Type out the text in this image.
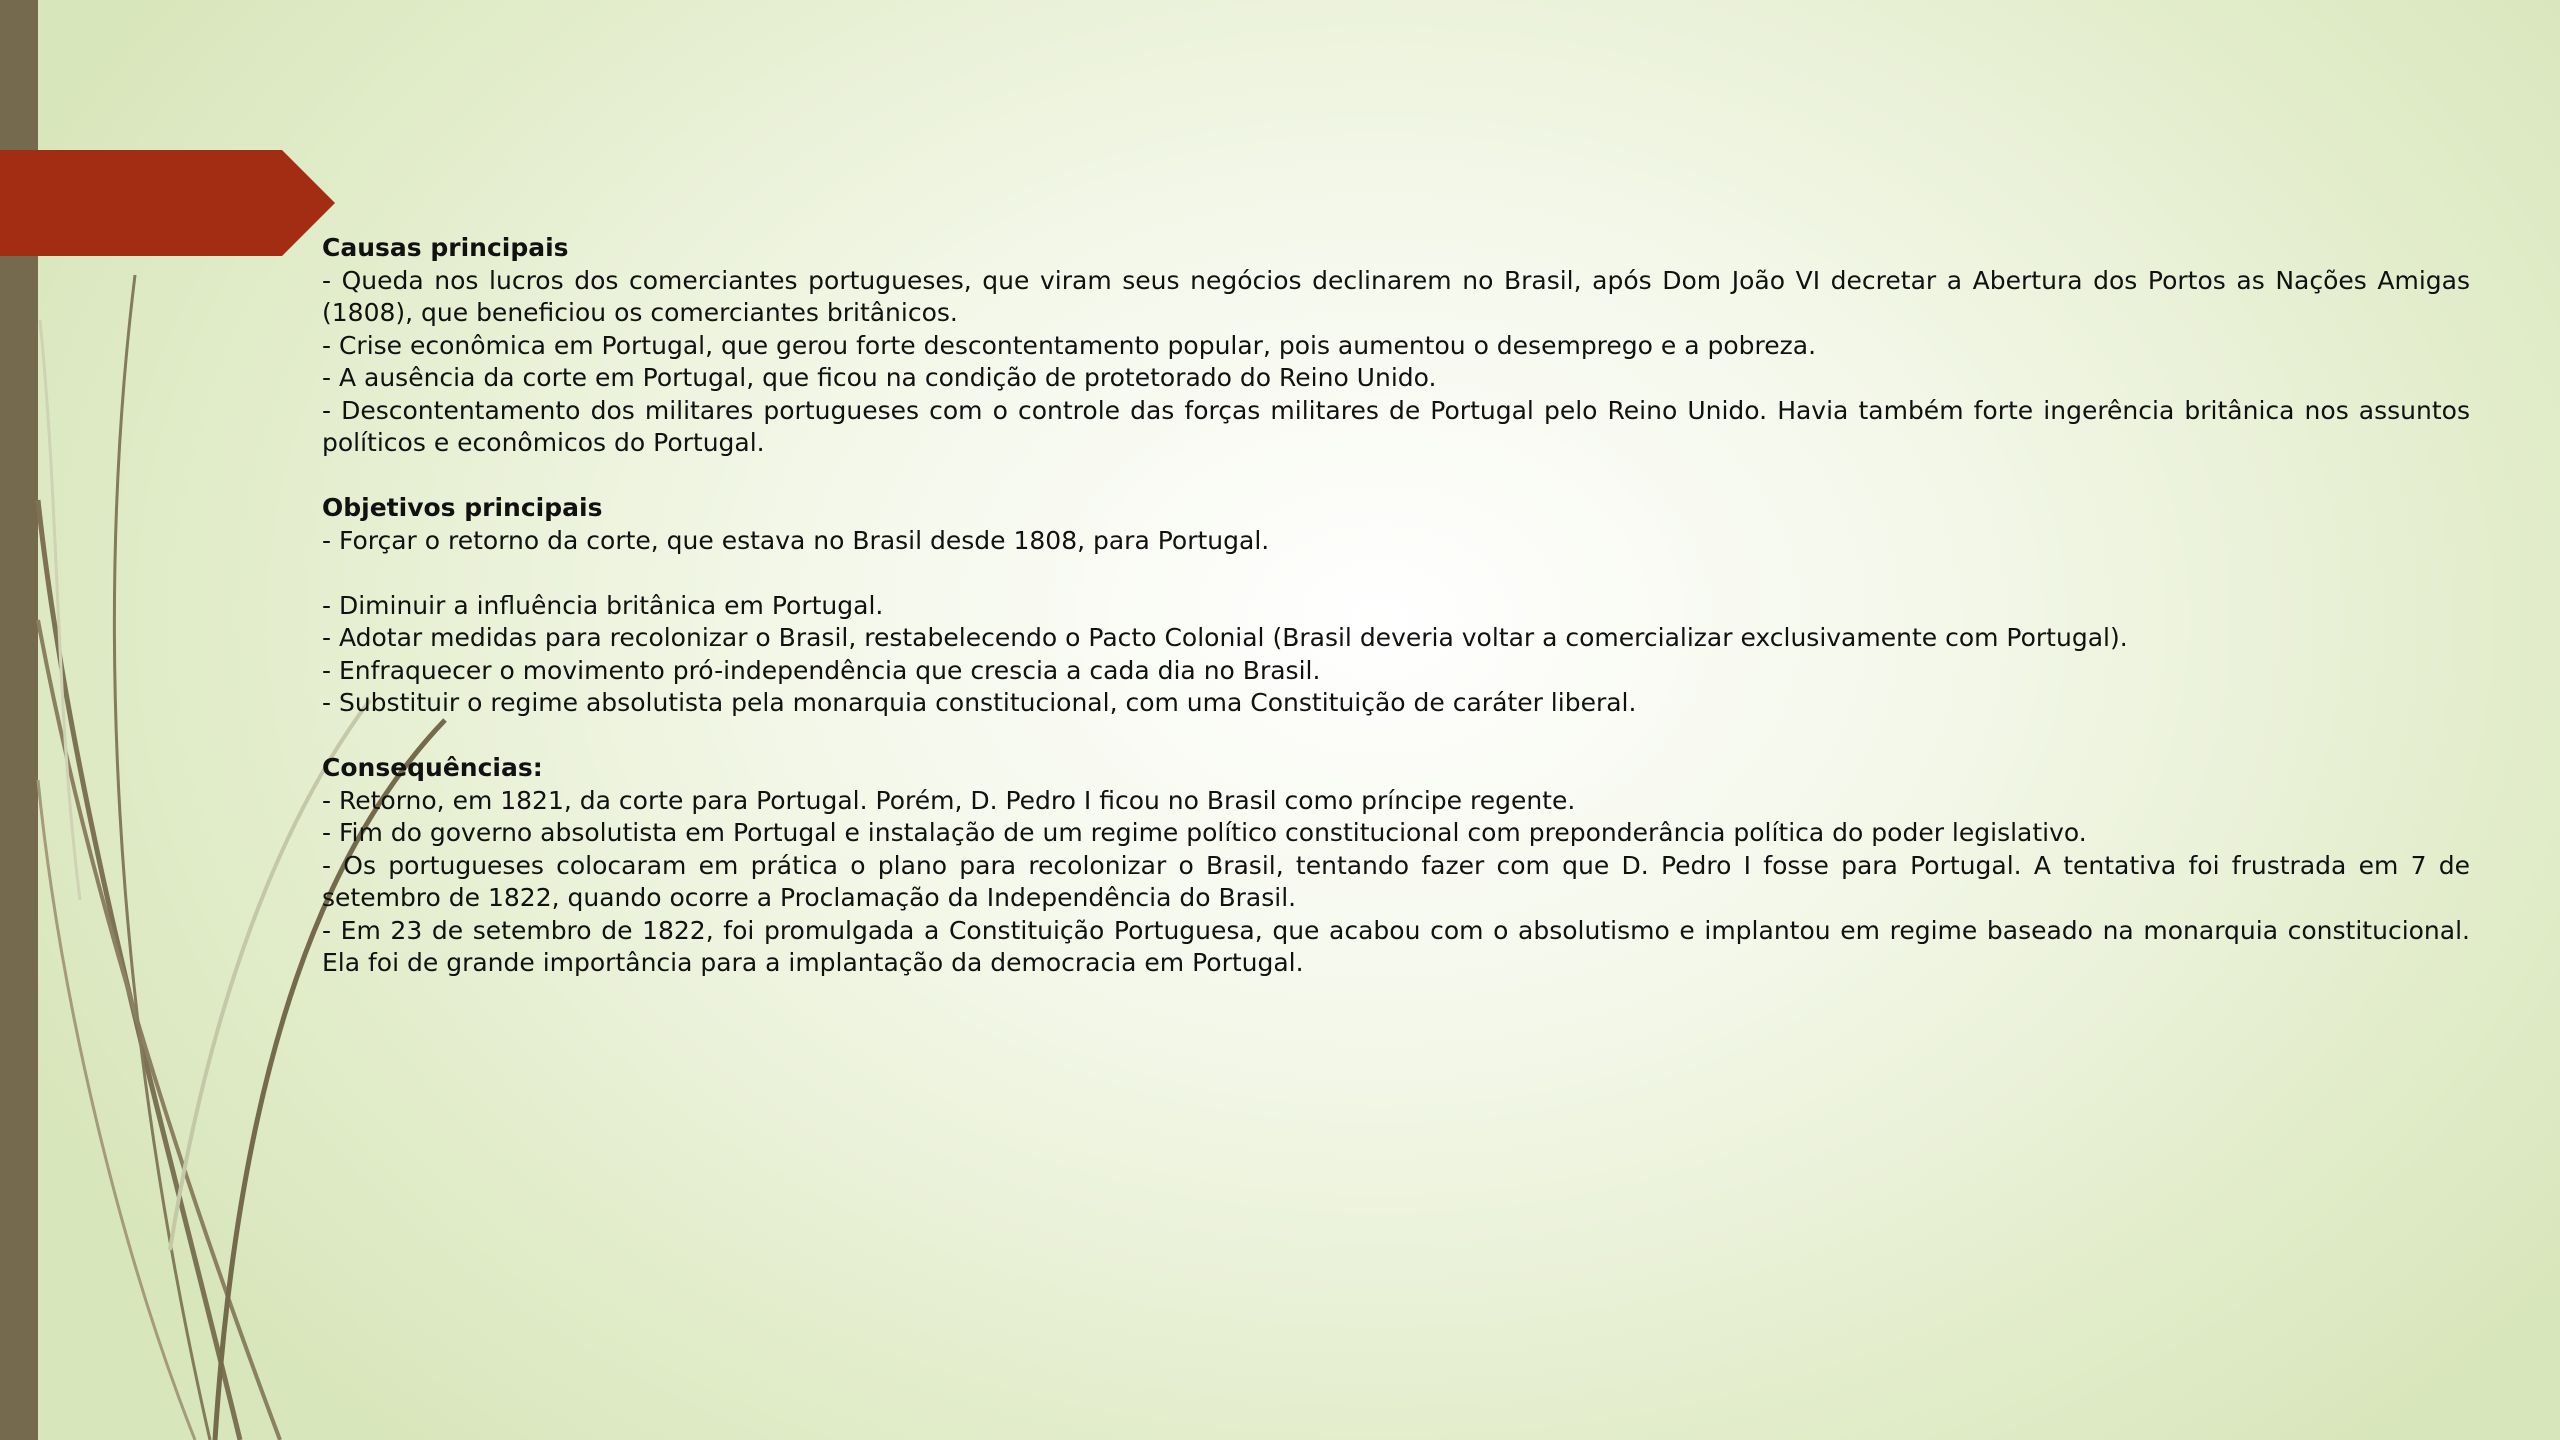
Causas principais

- Queda nos lucros dos comerciantes portugueses, que viram seus negócios declinarem no Brasil, após Dom João VI decretar a Abertura dos Portos as Nações Amigas (1808), que beneficiou os comerciantes britânicos.

- Crise econômica em Portugal, que gerou forte descontentamento popular, pois aumentou o desemprego e a pobreza.

- A ausência da corte em Portugal, que ficou na condição de protetorado do Reino Unido.

- Descontentamento dos militares portugueses com o controle das forças militares de Portugal pelo Reino Unido. Havia também forte ingerência britânica nos assuntos políticos e econômicos do Portugal.

Objetivos principais

- Forçar o retorno da corte, que estava no Brasil desde 1808, para Portugal.

- Diminuir a influência britânica em Portugal.

- Adotar medidas para recolonizar o Brasil, restabelecendo o Pacto Colonial (Brasil deveria voltar a comercializar exclusivamente com Portugal).

- Enfraquecer o movimento pró-independência que crescia a cada dia no Brasil.

- Substituir o regime absolutista pela monarquia constitucional, com uma Constituição de caráter liberal.

Consequências:

- Retorno, em 1821, da corte para Portugal. Porém, D. Pedro I ficou no Brasil como príncipe regente.

- Fim do governo absolutista em Portugal e instalação de um regime político constitucional com preponderância política do poder legislativo.

- Os portugueses colocaram em prática o plano para recolonizar o Brasil, tentando fazer com que D. Pedro I fosse para Portugal. A tentativa foi frustrada em 7 de setembro de 1822, quando ocorre a Proclamação da Independência do Brasil.

- Em 23 de setembro de 1822, foi promulgada a Constituição Portuguesa, que acabou com o absolutismo e implantou em regime baseado na monarquia constitucional. Ela foi de grande importância para a implantação da democracia em Portugal.
